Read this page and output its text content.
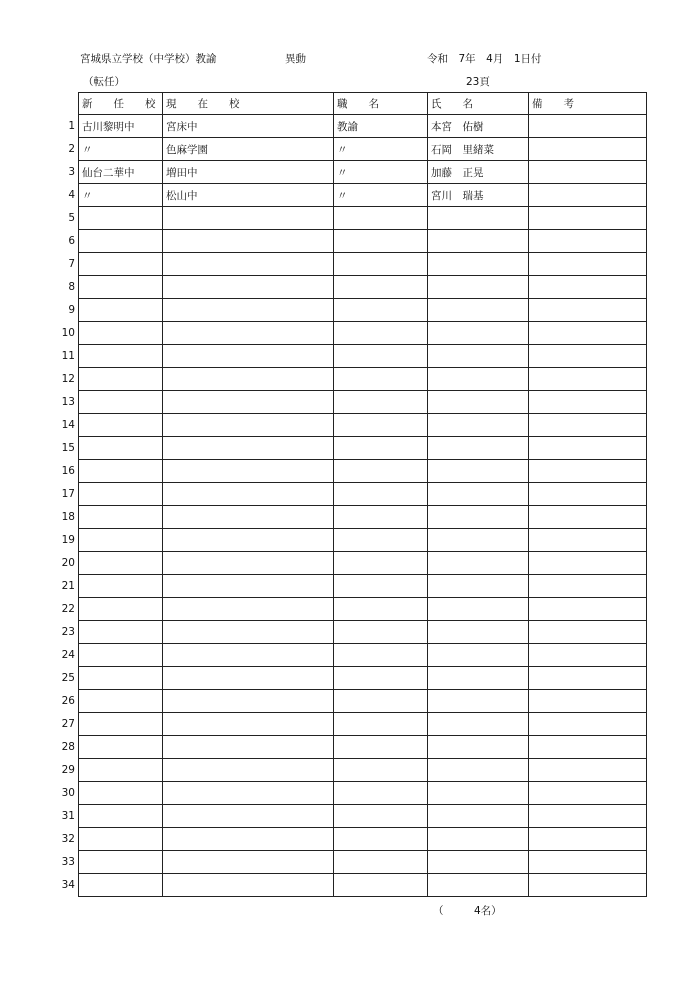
宮城県立学校（中学校）教諭	異動	令和　7年　4月　1日付
（転任）	23頁
新　　任　　校	現　　在　　校	職　　名	氏　　名	備　　考
1 古川黎明中	宮床中	教諭	本宮　佑樹
2 〃	色麻学園	〃	石岡　里緒菜
3 仙台二華中	増田中	〃	加藤　正晃
4 〃	松山中	〃	宮川　瑞基
5
6
7
8
9
10
11
12
13
14
15
16
17
18
19
20
21
22
23
24
25
26
27
28
29
30
31
32
33
34
（	4名）
